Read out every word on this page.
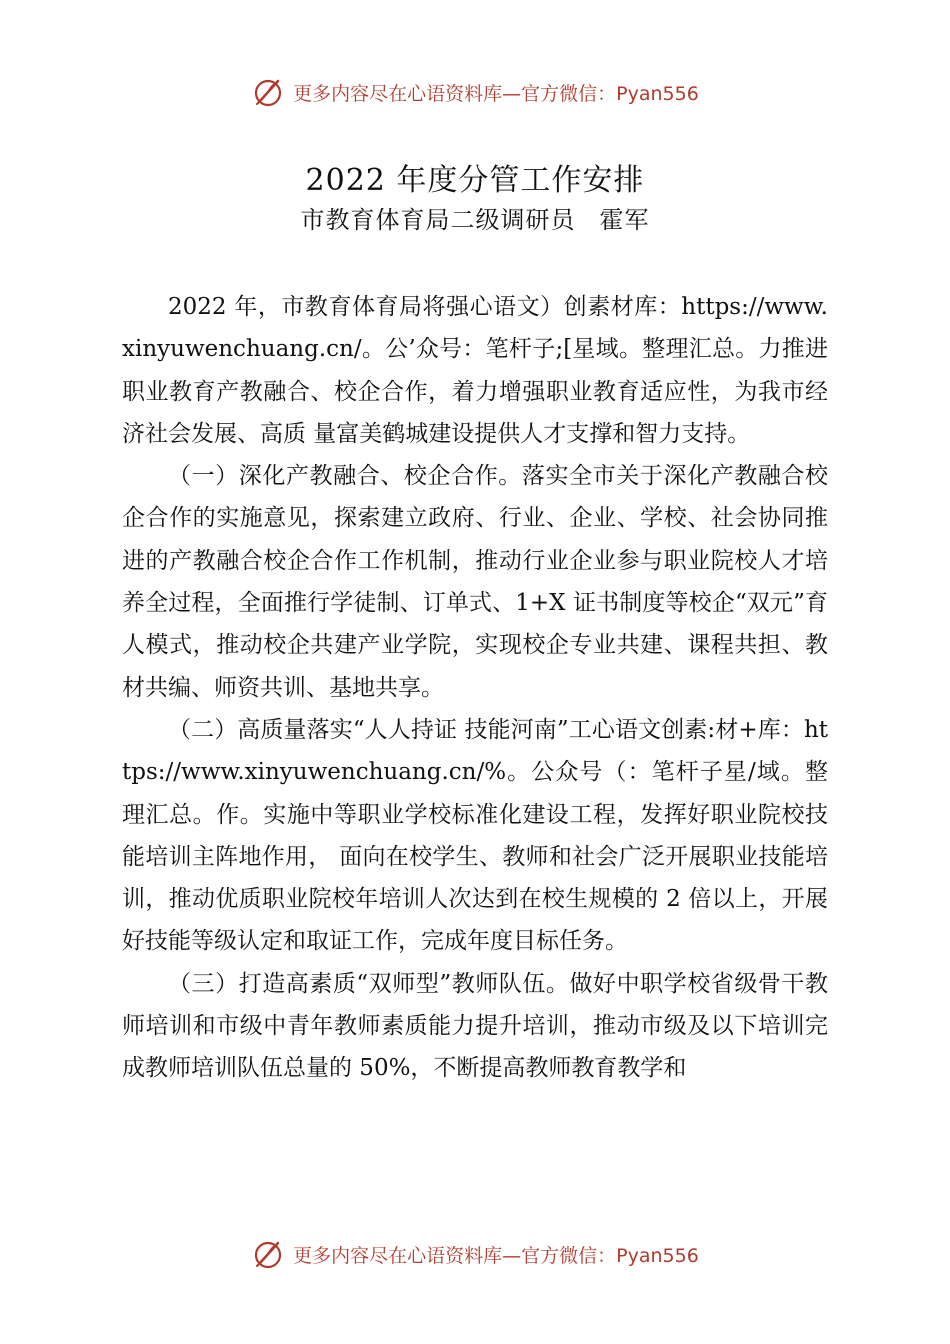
更多内容尽在心语资料库—官方微信：Pyan556
2022 年度分管工作安排
市教育体育局二级调研员 霍军

2022 年，市教育体育局将强心语文）创素材库：https://www.xinyuwenchuang.cn/。公’众号：笔杆子;[星域。整理汇总。力推进职业教育产教融合、校企合作，着力增强职业教育适应性，为我市经济社会发展、高质 量富美鹤城建设提供人才支撑和智力支持。

（一）深化产教融合、校企合作。落实全市关于深化产教融合校企合作的实施意见，探索建立政府、行业、企业、学校、社会协同推进的产教融合校企合作工作机制，推动行业企业参与职业院校人才培养全过程，全面推行学徒制、订单式、1+X 证书制度等校企“双元”育人模式，推动校企共建产业学院，实现校企专业共建、课程共担、教材共编、师资共训、基地共享。

（二）高质量落实“人人持证 技能河南”工心语文创素:材+库：https://www.xinyuwenchuang.cn/%。公众号（：笔杆子星/域。整理汇总。作。实施中等职业学校标准化建设工程，发挥好职业院校技能培训主阵地作用， 面向在校学生、教师和社会广泛开展职业技能培训，推动优质职业院校年培训人次达到在校生规模的 2 倍以上，开展好技能等级认定和取证工作，完成年度目标任务。

（三）打造高素质“双师型”教师队伍。做好中职学校省级骨干教师培训和市级中青年教师素质能力提升培训，推动市级及以下培训完成教师培训队伍总量的 50%，不断提高教师教育教学和

更多内容尽在心语资料库—官方微信：Pyan556
